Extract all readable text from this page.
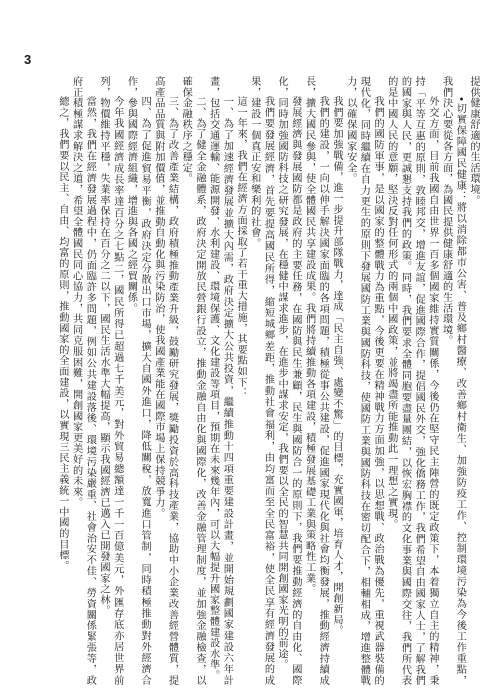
3

提供健康舒適的生活環境。

•切實保障國民健康：將以消除都市公害、普及鄉村醫療、改善鄉村衛生、加強防疫工作、控制環境污染為今後工作重點，我們決心要從各方面，為國民提供健康舒適的生活環境。

外交方面，目前我國自由世界一百多個國家維持實質關係，今後仍在堅守民主陣營的既定政策下，本着獨立自主的精神，秉持「平等互惠的原則，敦睦邦交，增進友誼，促進國際合作，提倡國民外交，強化僑務工作，我們希望自由國家人士，了解我們的國家與人民，更誠懇支持我們的政策。同時，我們要求全體同胞要盡量團結，以恢宏胸襟的文化事業與國際交往，我們所代表的是中國人民的意願，堅決反對任何形式的兩個中國政策，並將竭盡所能推動此一理想之實現。

我們的國防軍事，是以國家的整體戰力為重點，今後更要在精神戰力方面加強，以思想戰、政治戰為優先，重視武器裝備的現代化，同時繼續在自力更生的原則下發展國防工業與國防科技，使國防工業與國防科技在密切配合下，相輔相成，增進整體戰力，以確保國家安全。

我們要加強戰備，進一步提升部隊戰力，達成「民主自強、處變不驚」的目標，充實國軍，培育人才，開創新局。

我們的建設，一向以伸手解決國家面臨的各項問題，積極從事公共建設，促進國家現代化與社會均衡發展，推動經濟持續成長，擴大國民參與，使全體國民共享建設成果。我們將持續推動各項建設，積極發展基礎工業與策略性工業。

發展經濟與發展國防都是政府的主要任務，在國防與民生兼顧，民生與國防合一的原則下，我們要推動經濟的自由化、國際化，同時加強國防科技之研究發展，在穩健中謀求進步，在進步中謀求安定，我們要以全民的智慧共同開創國家光明的前途。

我們要發展經濟，首先要提高國民所得，縮短城鄉差距，推動社會福利，由均富而至全民富裕，使全民享有經濟發展的成果，建設一個真正安和樂利的社會。

這一年來，我們在經濟方面採取了若干重大措施，其要點如下：

一、為了加速經濟發展並擴大內需，政府決定擴大公共投資，繼續推動十四項重要建設計畫，並開始規劃國家建設六年計畫，包括交通運輸、能源開發、水利建設、環境保護、文化建設等項目，預期在未來幾年內，可以大幅提升國家整體建設水準。

二、為了健全金融體系，政府決定開放民營銀行設立，推動金融自由化與國際化，改善金融管理制度，並加強金融檢查，以確保金融秩序之穩定。

三、為了改善產業結構，政府積極推動產業升級，鼓勵研究發展，獎勵投資於高科技產業，協助中小企業改善經營體質，提高產品品質與附加價值，並推動自動化與污染防治，使我國產業能在國際市場上保持競爭力。

四、為了促進貿易平衡，政府決定分散出口市場，擴大自國外進口，降低關稅，放寬進口管制，同時積極推動對外經濟合作，參與國際經濟組織，增進與各國之經貿關係。

今年我國經濟成長率達百分之七點二，國民所得已超過七千美元，對外貿易總額達一千一百億美元，外匯存底亦居世界前列，物價維持平穩，失業率保持在百分之二以下，國民生活水準大幅提高，顯示我國經濟已邁入已開發國家之林。

當然，我們在經濟發展過程中，仍面臨許多問題，例如公共建設落後、環境污染嚴重、社會治安不佳、勞資關係緊張等，政府正積極謀求解決之道，希望全體國民同心協力，共同克服困難，開創國家更美好的未來。

總之，我們要以民主、自由、均富的原則，推動國家的全面建設，以實現三民主義統一中國的目標。
